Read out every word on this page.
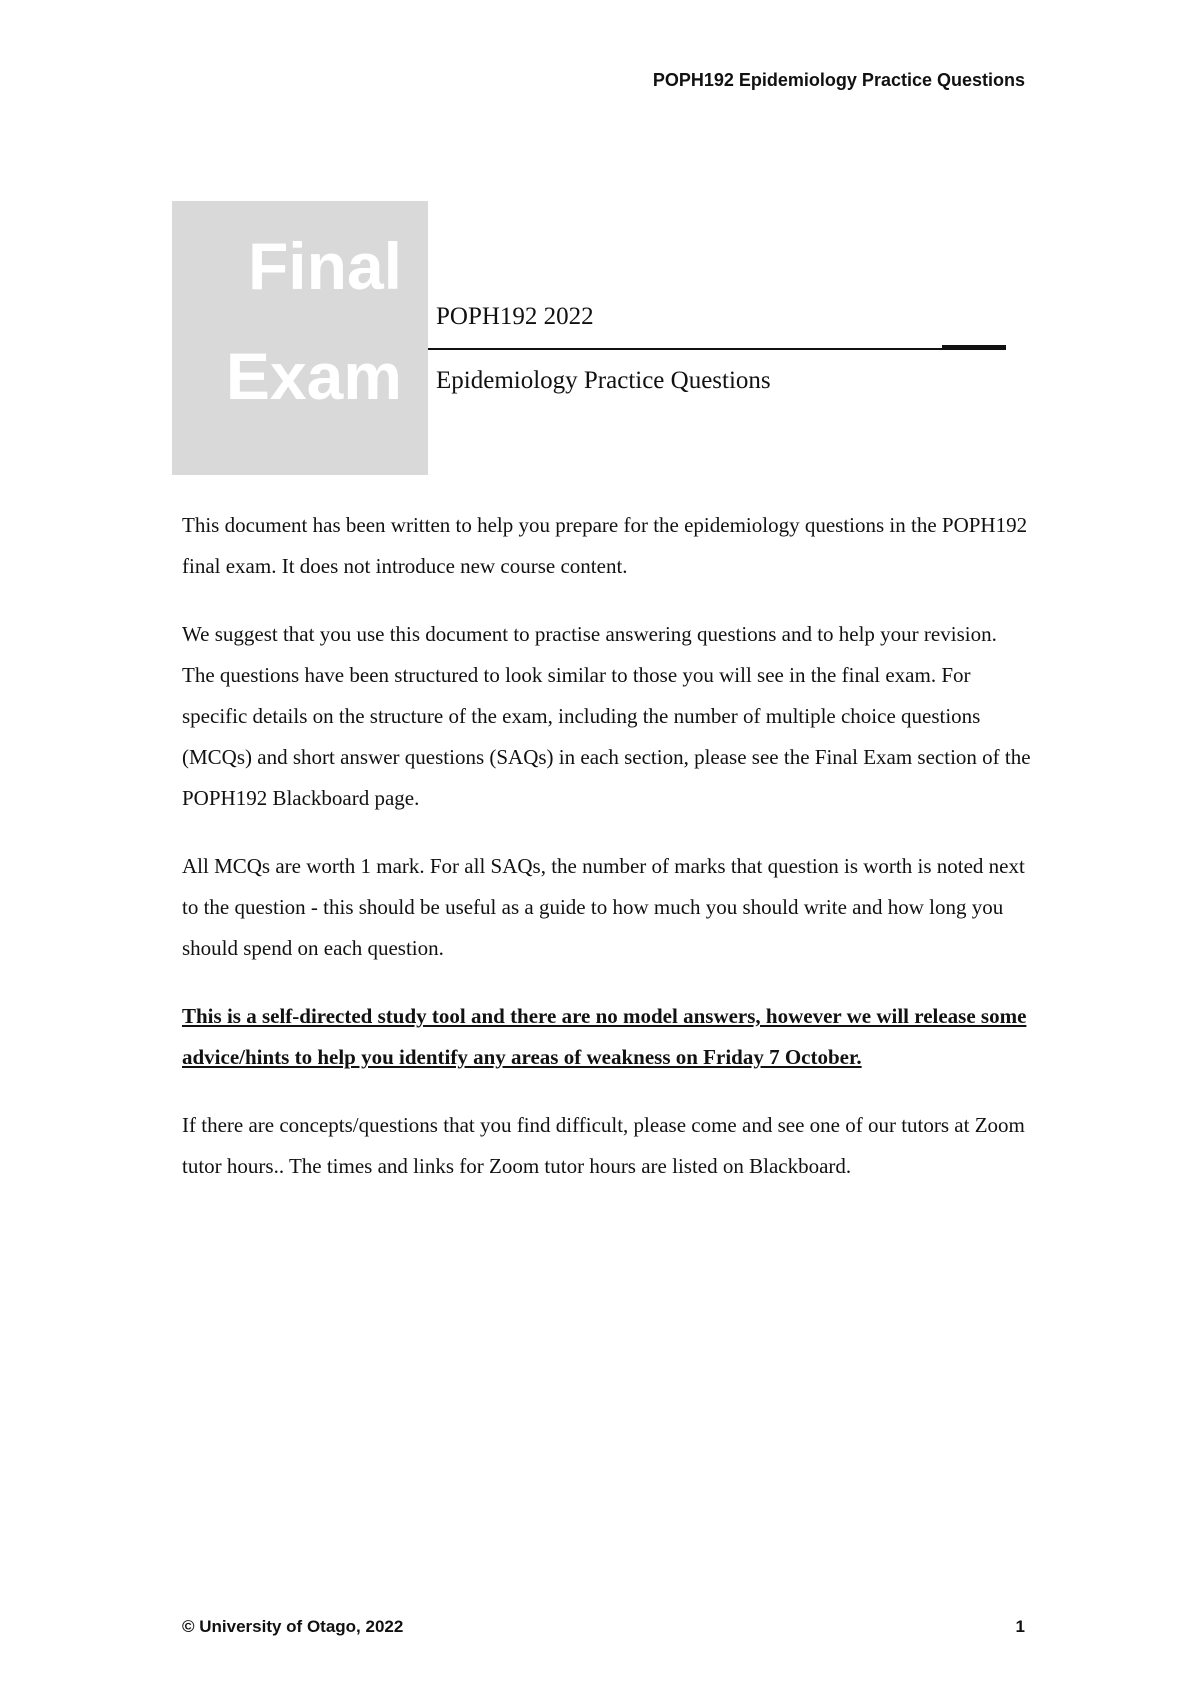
POPH192 Epidemiology Practice Questions
Final
Exam
POPH192 2022
Epidemiology Practice Questions

This document has been written to help you prepare for the epidemiology questions in the POPH192 final exam. It does not introduce new course content.

We suggest that you use this document to practise answering questions and to help your revision. The questions have been structured to look similar to those you will see in the final exam. For specific details on the structure of the exam, including the number of multiple choice questions (MCQs) and short answer questions (SAQs) in each section, please see the Final Exam section of the POPH192 Blackboard page.

All MCQs are worth 1 mark. For all SAQs, the number of marks that question is worth is noted next to the question - this should be useful as a guide to how much you should write and how long you should spend on each question.

This is a self-directed study tool and there are no model answers, however we will release some advice/hints to help you identify any areas of weakness on Friday 7 October.

If there are concepts/questions that you find difficult, please come and see one of our tutors at Zoom tutor hours.. The times and links for Zoom tutor hours are listed on Blackboard.

© University of Otago, 2022	1
